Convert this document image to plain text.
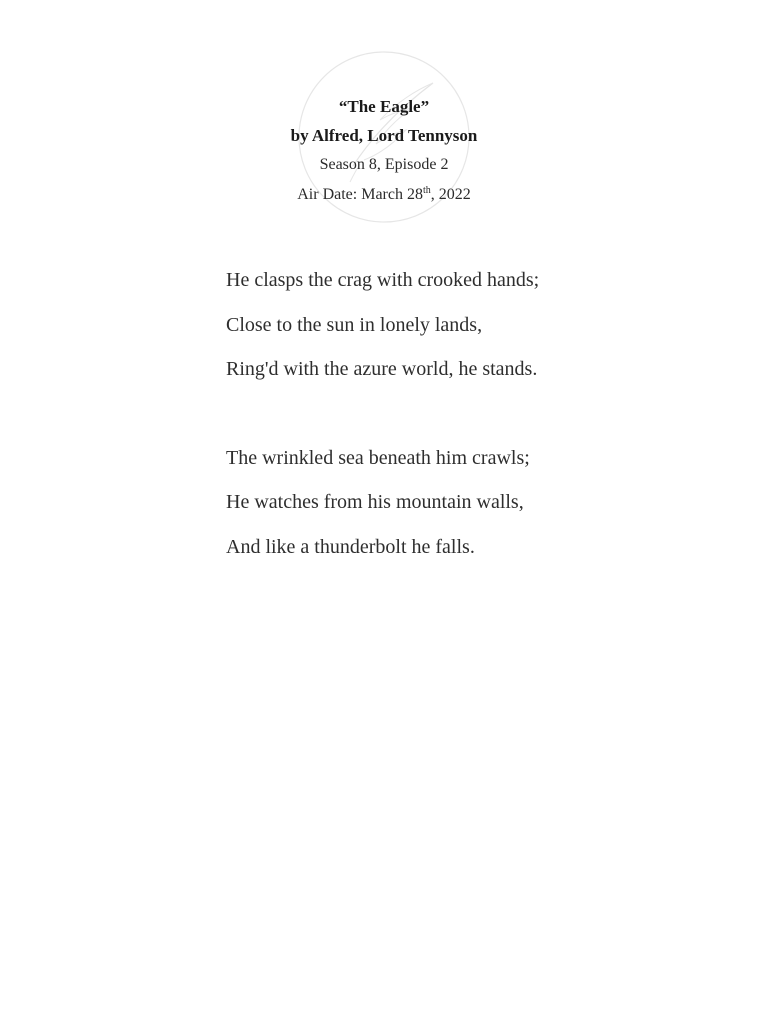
“The Eagle”
by Alfred, Lord Tennyson
Season 8, Episode 2
Air Date: March 28th, 2022
He clasps the crag with crooked hands;
Close to the sun in lonely lands,
Ring'd with the azure world, he stands.
The wrinkled sea beneath him crawls;
He watches from his mountain walls,
And like a thunderbolt he falls.
